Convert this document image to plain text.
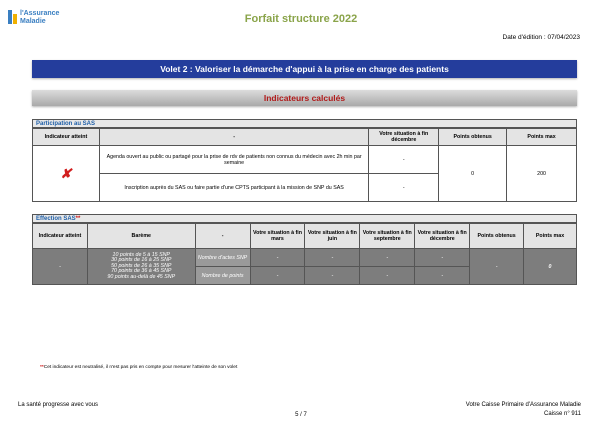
l'Assurance
Maladie	Forfait structure 2022
Date d'édition : 07/04/2023
Volet 2 : Valoriser la démarche d'appui à la prise en charge des patients
Indicateurs calculés
Participation au SAS
Indicateur atteint	-	Votre situation à fin décembre	Points obtenus	Points max
✘	Agenda ouvert au public ou partagé pour la prise de rdv de patients non connus du médecin avec 2h min par semaine	-	0	200
	Inscription auprès du SAS ou faire partie d'une CPTS participant à la mission de SNP du SAS	-		
Effection SAS**
Indicateur atteint	Barème	-	Votre situation à fin mars	Votre situation à fin juin	Votre situation à fin septembre	Votre situation à fin décembre	Points obtenus	Points max
-	10 points de 5 à 15 SNP
30 points de 16 à 25 SNP
50 points de 26 à 35 SNP
70 points de 36 à 45 SNP
90 points au-delà de 45 SNP	Nombre d'actes SNP	-	-	-	-	-	0
		Nombre de points	-	-	-	-		
**Cet indicateur est neutralisé, il n'est pas pris en compte pour mesurer l'atteinte de son volet
La santé progresse avec vous
5 / 7
Votre Caisse Primaire d'Assurance Maladie
Caisse n° 911
